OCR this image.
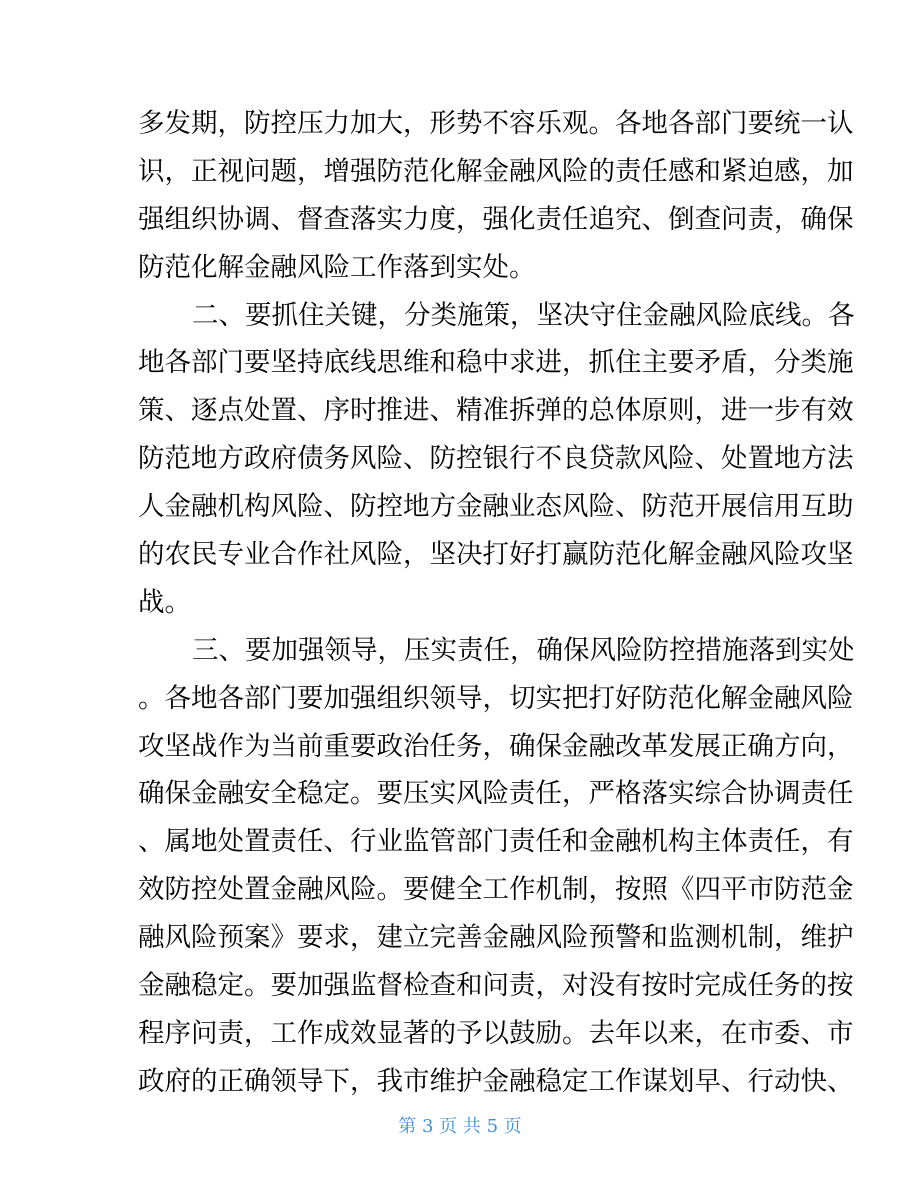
多发期，防控压力加大，形势不容乐观。各地各部门要统一认
识，正视问题，增强防范化解金融风险的责任感和紧迫感，加
强组织协调、督查落实力度，强化责任追究、倒查问责，确保
防范化解金融风险工作落到实处。
二、要抓住关键，分类施策，坚决守住金融风险底线。各
地各部门要坚持底线思维和稳中求进，抓住主要矛盾，分类施
策、逐点处置、序时推进、精准拆弹的总体原则，进一步有效
防范地方政府债务风险、防控银行不良贷款风险、处置地方法
人金融机构风险、防控地方金融业态风险、防范开展信用互助
的农民专业合作社风险，坚决打好打赢防范化解金融风险攻坚
战。
三、要加强领导，压实责任，确保风险防控措施落到实处
。各地各部门要加强组织领导，切实把打好防范化解金融风险
攻坚战作为当前重要政治任务，确保金融改革发展正确方向，
确保金融安全稳定。要压实风险责任，严格落实综合协调责任
、属地处置责任、行业监管部门责任和金融机构主体责任，有
效防控处置金融风险。要健全工作机制，按照《四平市防范金
融风险预案》要求，建立完善金融风险预警和监测机制，维护
金融稳定。要加强监督检查和问责，对没有按时完成任务的按
程序问责，工作成效显著的予以鼓励。去年以来，在市委、市
政府的正确领导下，我市维护金融稳定工作谋划早、行动快、
第 3 页 共 5 页
